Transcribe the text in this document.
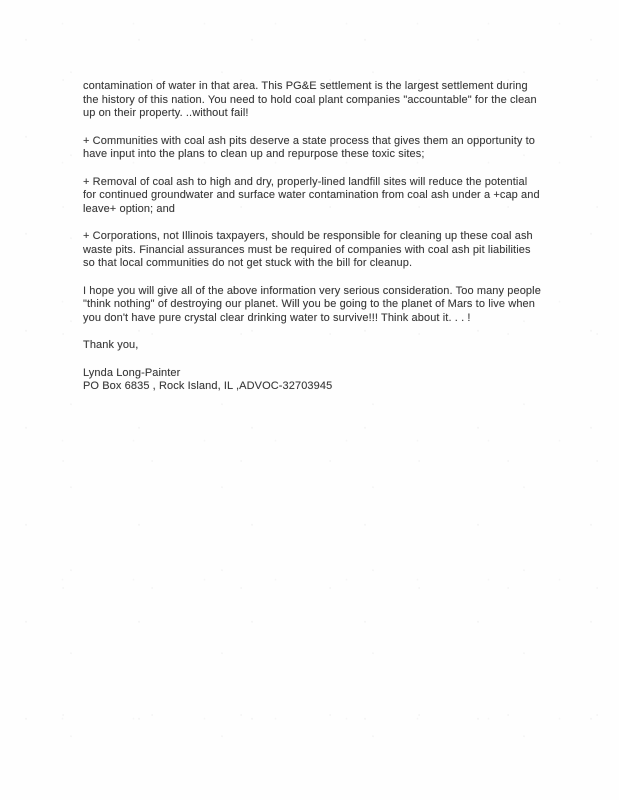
contamination of water in that area. This PG&E settlement is the largest settlement during the history of this nation. You need to hold coal plant companies "accountable" for the clean up on their property. ..without fail!

+ Communities with coal ash pits deserve a state process that gives them an opportunity to have input into the plans to clean up and repurpose these toxic sites;

+ Removal of coal ash to high and dry, properly-lined landfill sites will reduce the potential for continued groundwater and surface water contamination from coal ash under a +cap and leave+ option; and

+ Corporations, not Illinois taxpayers, should be responsible for cleaning up these coal ash waste pits. Financial assurances must be required of companies with coal ash pit liabilities so that local communities do not get stuck with the bill for cleanup.

I hope you will give all of the above information very serious consideration. Too many people "think nothing" of destroying our planet. Will you be going to the planet of Mars to live when you don't have pure crystal clear drinking water to survive!!! Think about it. . . !

Thank you,

Lynda Long-Painter
PO Box 6835 , Rock Island, IL ,ADVOC-32703945
